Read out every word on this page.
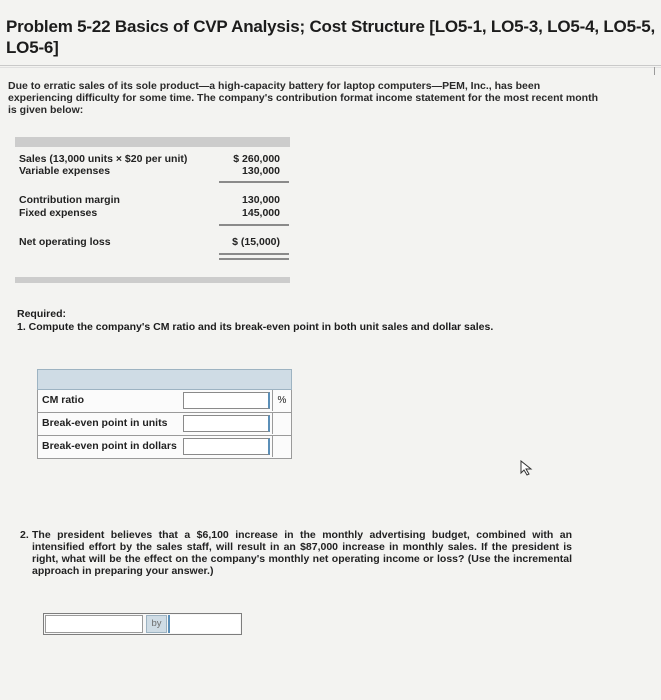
Problem 5-22 Basics of CVP Analysis; Cost Structure [LO5-1, LO5-3, LO5-4, LO5-5, LO5-6]
Due to erratic sales of its sole product—a high-capacity battery for laptop computers—PEM, Inc., has been experiencing difficulty for some time. The company's contribution format income statement for the most recent month is given below:
Sales (13,000 units × $20 per unit)	$ 260,000
Variable expenses	130,000
Contribution margin	130,000
Fixed expenses	145,000
Net operating loss	$ (15,000)
Required:
1. Compute the company's CM ratio and its break-even point in both unit sales and dollar sales.
CM ratio	%
Break-even point in units
Break-even point in dollars
2. The president believes that a $6,100 increase in the monthly advertising budget, combined with an intensified effort by the sales staff, will result in an $87,000 increase in monthly sales. If the president is right, what will be the effect on the company's monthly net operating income or loss? (Use the incremental approach in preparing your answer.)
by
